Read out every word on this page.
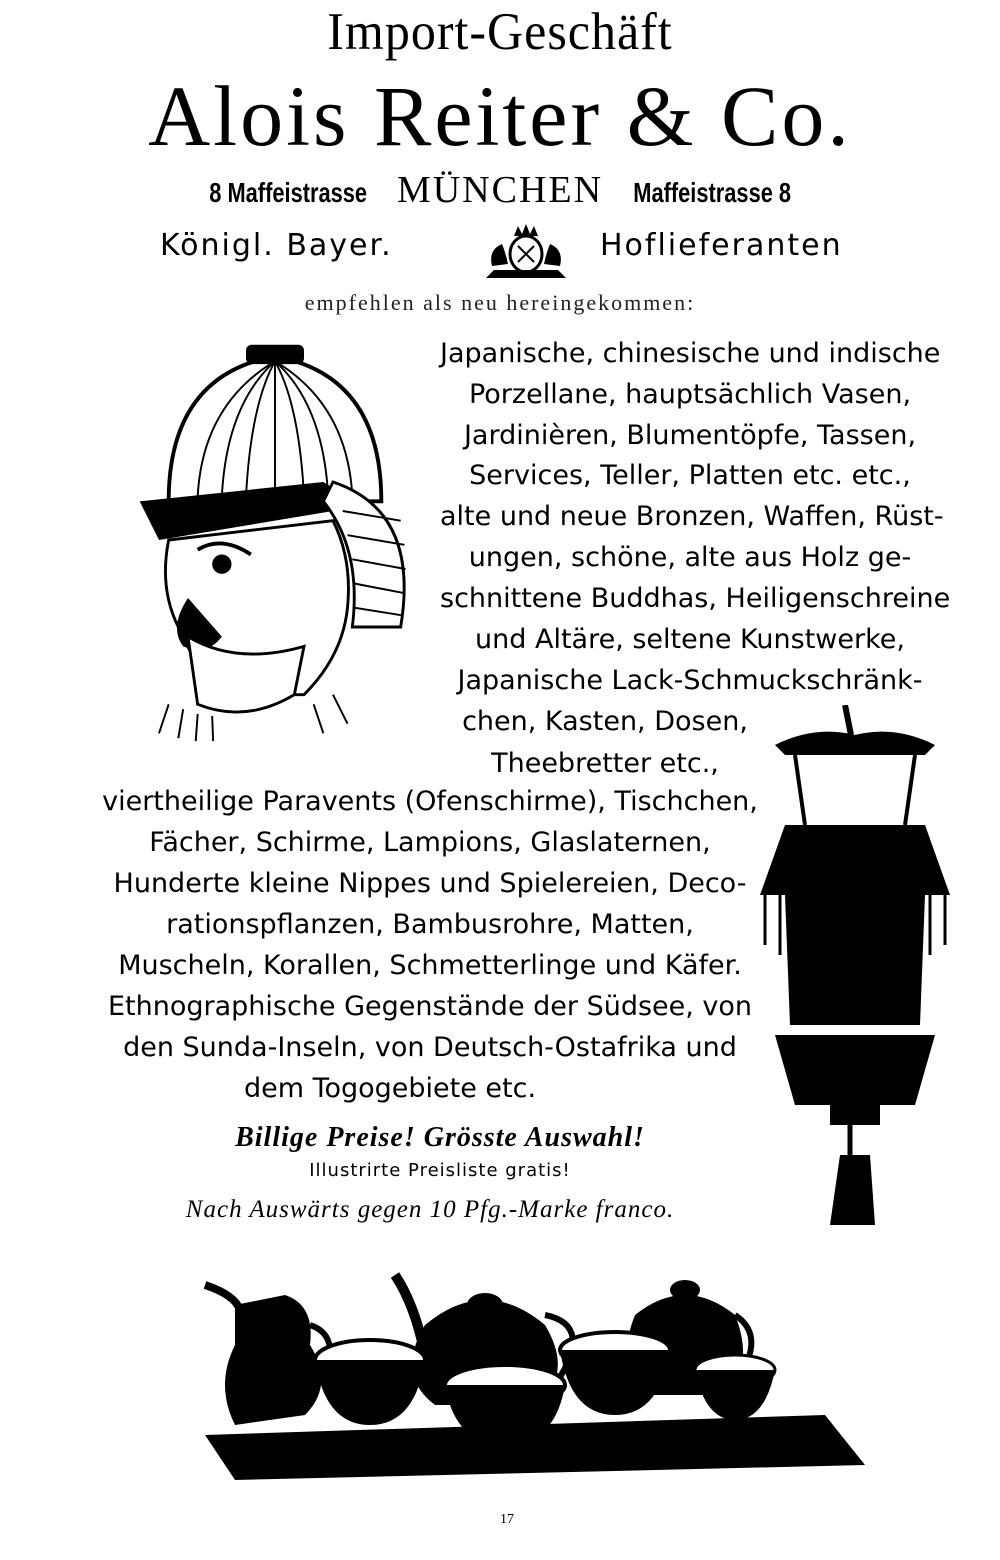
Import-Geschäft
Alois Reiter & Co.
8 Maffeistrasse MÜNCHEN Maffeistrasse 8
Königl. Bayer.	Hoflieferanten
empfehlen als neu hereingekommen:
Japanische, chinesische und indische
Porzellane, hauptsächlich Vasen,
Jardinièren, Blumentöpfe, Tassen,
Services, Teller, Platten etc. etc.,
alte und neue Bronzen, Waffen, Rüst-
ungen, schöne, alte aus Holz ge-
schnittene Buddhas, Heiligenschreine
und Altäre, seltene Kunstwerke,
Japanische Lack-Schmuckschränk-
chen, Kasten, Dosen,
Theebretter etc.,
viertheilige Paravents (Ofenschirme), Tischchen,
Fächer, Schirme, Lampions, Glaslaternen,
Hunderte kleine Nippes und Spielereien, Deco-
rationspflanzen, Bambusrohre, Matten,
Muscheln, Korallen, Schmetterlinge und Käfer.
Ethnographische Gegenstände der Südsee, von
den Sunda-Inseln, von Deutsch-Ostafrika und
dem Togogebiete etc.
Billige Preise! Grösste Auswahl!
Illustrirte Preisliste gratis!
Nach Auswärts gegen 10 Pfg.-Marke franco.
17
